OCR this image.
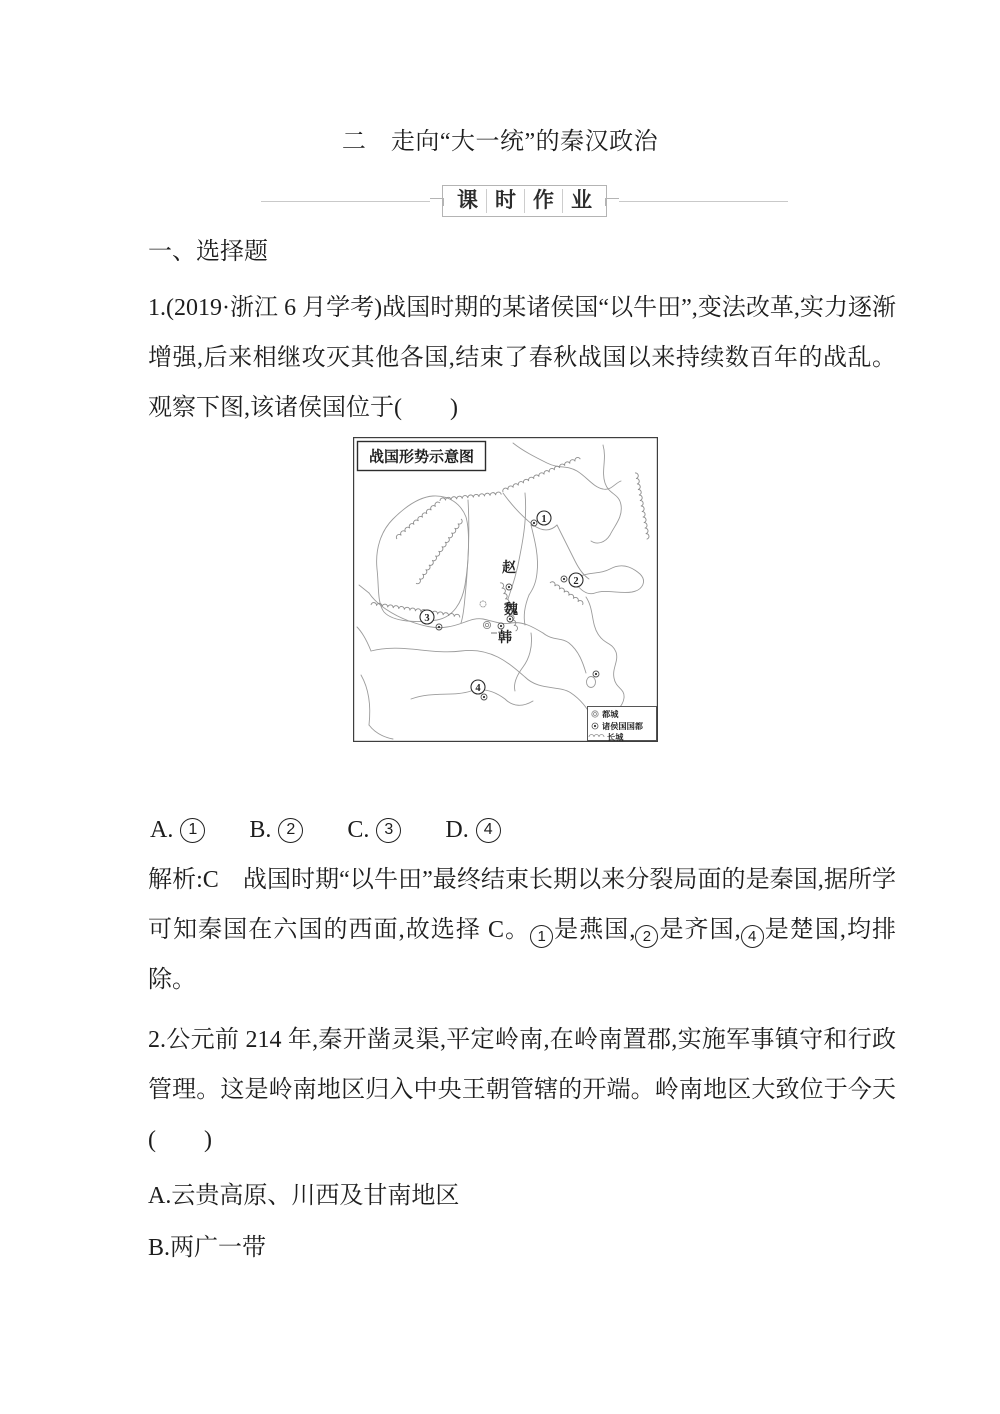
二　走向“大一统”的秦汉政治
课 时 作 业
一、选择题
1.(2019·浙江 6 月学考)战国时期的某诸侯国“以牛田”,变法改革,实力逐渐增强,后来相继攻灭其他各国,结束了春秋战国以来持续数百年的战乱。观察下图,该诸侯国位于(　　)
1
2
3
4
赵
魏
韩
战国形势示意图
都城
诸侯国国都
长城
A. 1	B. 2	C. 3	D. 4
解析:C　战国时期“以牛田”最终结束长期以来分裂局面的是秦国,据所学可知秦国在六国的西面,故选择 C。 1 是燕国, 2 是齐国, 4 是楚国,均排除。
2.公元前 214 年,秦开凿灵渠,平定岭南,在岭南置郡,实施军事镇守和行政管理。这是岭南地区归入中央王朝管辖的开端。岭南地区大致位于今天(　　)
A.云贵高原、川西及甘南地区
B.两广一带
